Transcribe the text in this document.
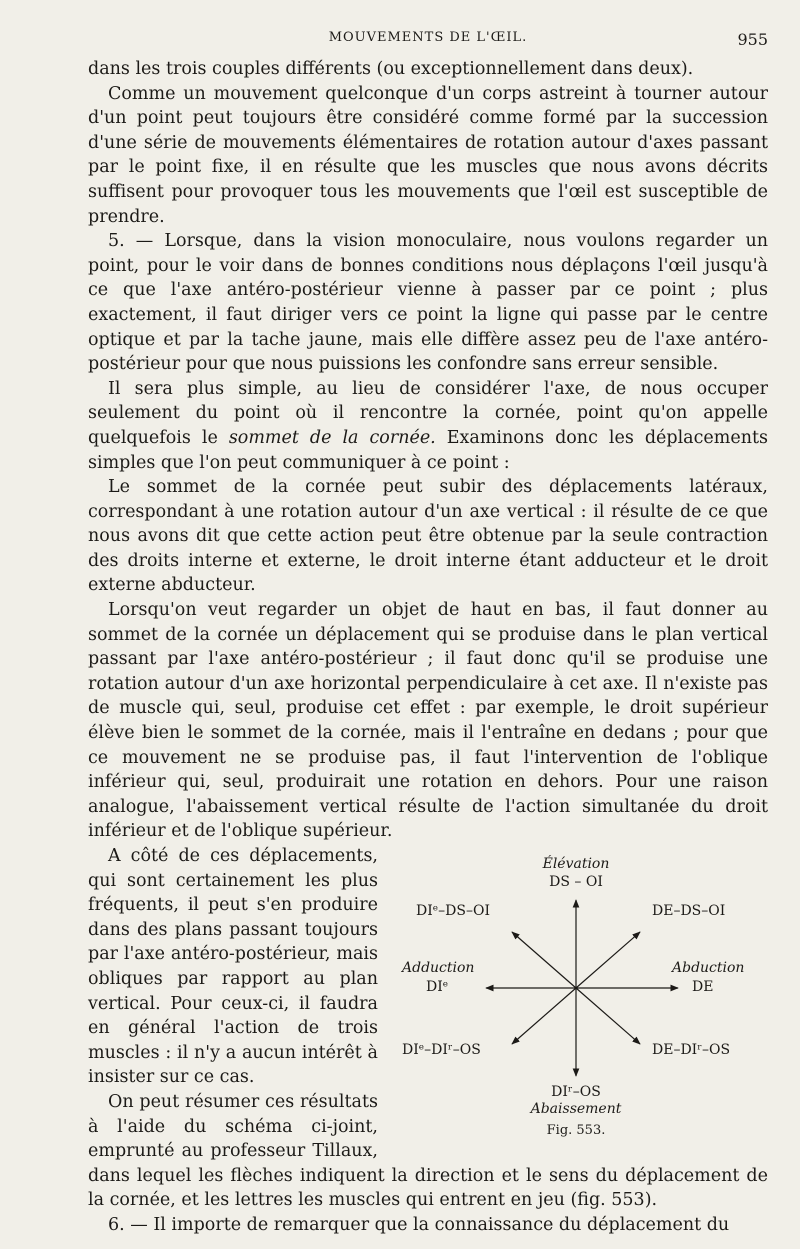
MOUVEMENTS DE L'ŒIL.	955

dans les trois couples différents (ou exceptionnellement dans deux).

Comme un mouvement quelconque d'un corps astreint à tourner autour d'un point peut toujours être considéré comme formé par la succession d'une série de mouvements élémentaires de rotation autour d'axes passant par le point fixe, il en résulte que les muscles que nous avons décrits suffisent pour provoquer tous les mouvements que l'œil est susceptible de prendre.

5. — Lorsque, dans la vision monoculaire, nous voulons regarder un point, pour le voir dans de bonnes conditions nous déplaçons l'œil jusqu'à ce que l'axe antéro-postérieur vienne à passer par ce point ; plus exactement, il faut diriger vers ce point la ligne qui passe par le centre optique et par la tache jaune, mais elle diffère assez peu de l'axe antéro-postérieur pour que nous puissions les confondre sans erreur sensible.

Il sera plus simple, au lieu de considérer l'axe, de nous occuper seulement du point où il rencontre la cornée, point qu'on appelle quelquefois le sommet de la cornée. Examinons donc les déplacements simples que l'on peut communiquer à ce point :

Le sommet de la cornée peut subir des déplacements latéraux, correspondant à une rotation autour d'un axe vertical : il résulte de ce que nous avons dit que cette action peut être obtenue par la seule contraction des droits interne et externe, le droit interne étant adducteur et le droit externe abducteur.

Lorsqu'on veut regarder un objet de haut en bas, il faut donner au sommet de la cornée un déplacement qui se produise dans le plan vertical passant par l'axe antéro-postérieur ; il faut donc qu'il se produise une rotation autour d'un axe horizontal perpendiculaire à cet axe. Il n'existe pas de muscle qui, seul, produise cet effet : par exemple, le droit supérieur élève bien le sommet de la cornée, mais il l'entraîne en dedans ; pour que ce mouvement ne se produise pas, il faut l'intervention de l'oblique inférieur qui, seul, produirait une rotation en dehors. Pour une raison analogue, l'abaissement vertical résulte de l'action simultanée du droit inférieur et de l'oblique supérieur.

Élévation
DS – OI
DIᵉ–DS–OI	DE–DS–OI
Adduction
DIᵉ
Abduction
DE
DIᵉ–DIʳ–OS	DE–DIʳ–OS
DIʳ–OS
Abaissement
Fig. 553.

A côté de ces déplacements, qui sont certainement les plus fréquents, il peut s'en produire dans des plans passant toujours par l'axe antéro-postérieur, mais obliques par rapport au plan vertical. Pour ceux-ci, il faudra en général l'action de trois muscles : il n'y a aucun intérêt à insister sur ce cas.

On peut résumer ces résultats à l'aide du schéma ci-joint, emprunté au professeur Tillaux, dans lequel les flèches indiquent la direction et le sens du déplacement de la cornée, et les lettres les muscles qui entrent en jeu (fig. 553).

6. — Il importe de remarquer que la connaissance du déplacement du
